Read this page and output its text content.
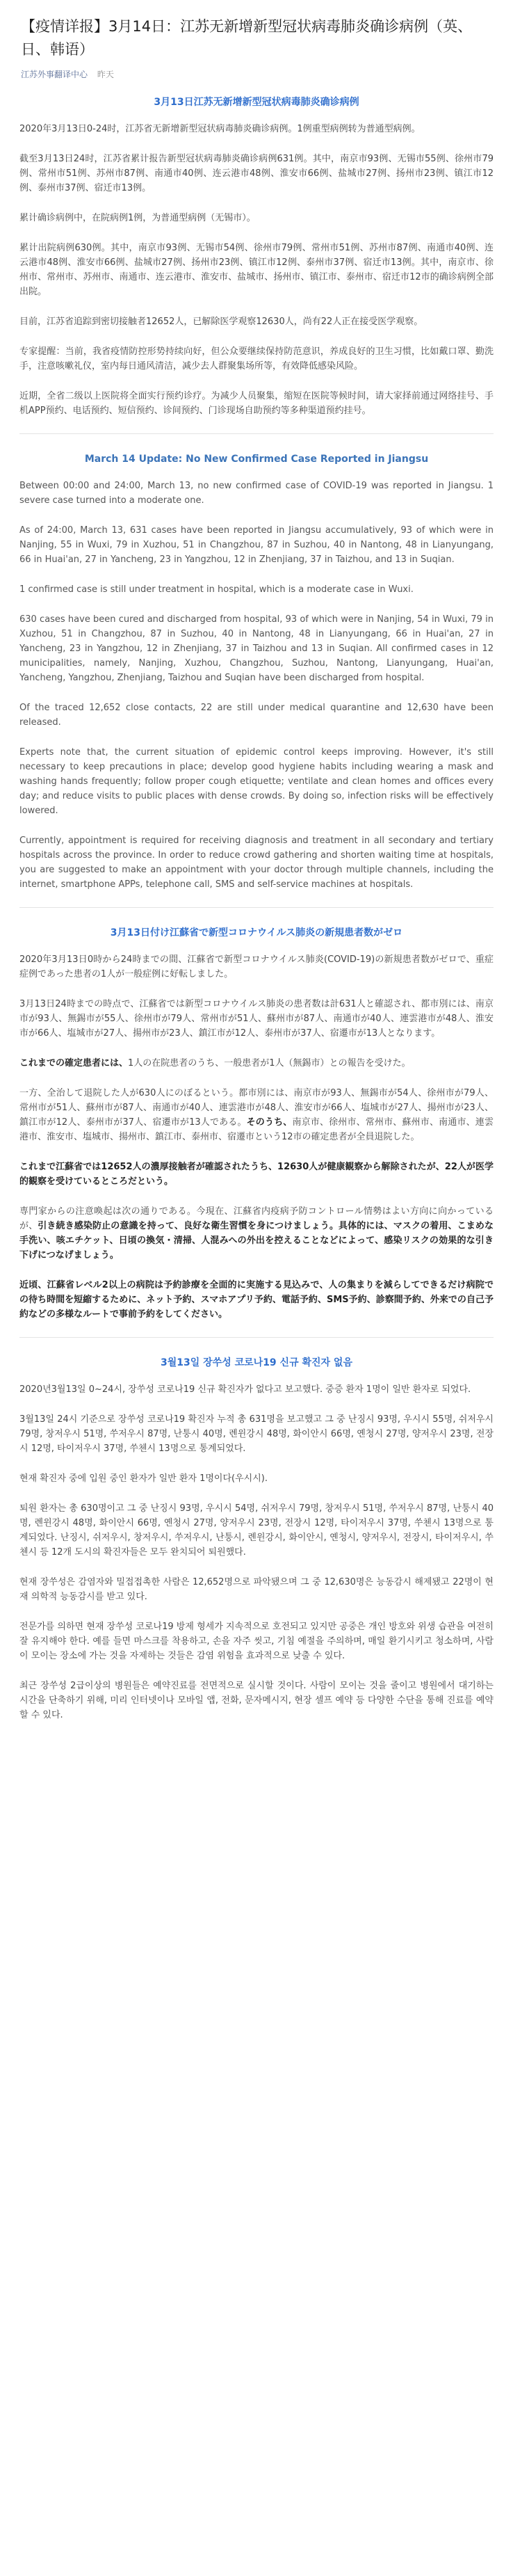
【疫情详报】3月14日：江苏无新增新型冠状病毒肺炎确诊病例（英、日、韩语）
江苏外事翻译中心 昨天
3月13日江苏无新增新型冠状病毒肺炎确诊病例

2020年3月13日0-24时，江苏省无新增新型冠状病毒肺炎确诊病例。1例重型病例转为普通型病例。

截至3月13日24时，江苏省累计报告新型冠状病毒肺炎确诊病例631例。其中，南京市93例、无锡市55例、徐州市79例、常州市51例、苏州市87例、南通市40例、连云港市48例、淮安市66例、盐城市27例、扬州市23例、镇江市12例、泰州市37例、宿迁市13例。

累计确诊病例中，在院病例1例，为普通型病例（无锡市）。

累计出院病例630例。其中，南京市93例、无锡市54例、徐州市79例、常州市51例、苏州市87例、南通市40例、连云港市48例、淮安市66例、盐城市27例、扬州市23例、镇江市12例、泰州市37例、宿迁市13例。其中，南京市、徐州市、常州市、苏州市、南通市、连云港市、淮安市、盐城市、扬州市、镇江市、泰州市、宿迁市12市的确诊病例全部出院。

目前，江苏省追踪到密切接触者12652人，已解除医学观察12630人，尚有22人正在接受医学观察。

专家提醒：当前，我省疫情防控形势持续向好，但公众要继续保持防范意识，养成良好的卫生习惯，比如戴口罩、勤洗手，注意咳嗽礼仪，室内每日通风清洁，减少去人群聚集场所等，有效降低感染风险。

近期，全省二级以上医院将全面实行预约诊疗。为减少人员聚集，缩短在医院等候时间，请大家择前通过网络挂号、手机APP预约、电话预约、短信预约、诊间预约、门诊现场自助预约等多种渠道预约挂号。

March 14 Update: No New Confirmed Case Reported in Jiangsu

Between 00:00 and 24:00, March 13, no new confirmed case of COVID-19 was reported in Jiangsu. 1 severe case turned into a moderate one.

As of 24:00, March 13, 631 cases have been reported in Jiangsu accumulatively, 93 of which were in Nanjing, 55 in Wuxi, 79 in Xuzhou, 51 in Changzhou, 87 in Suzhou, 40 in Nantong, 48 in Lianyungang, 66 in Huai'an, 27 in Yancheng, 23 in Yangzhou, 12 in Zhenjiang, 37 in Taizhou, and 13 in Suqian.

1 confirmed case is still under treatment in hospital, which is a moderate case in Wuxi.

630 cases have been cured and discharged from hospital, 93 of which were in Nanjing, 54 in Wuxi, 79 in Xuzhou, 51 in Changzhou, 87 in Suzhou, 40 in Nantong, 48 in Lianyungang, 66 in Huai'an, 27 in Yancheng, 23 in Yangzhou, 12 in Zhenjiang, 37 in Taizhou and 13 in Suqian. All confirmed cases in 12 municipalities, namely, Nanjing, Xuzhou, Changzhou, Suzhou, Nantong, Lianyungang, Huai'an, Yancheng, Yangzhou, Zhenjiang, Taizhou and Suqian have been discharged from hospital.

Of the traced 12,652 close contacts, 22 are still under medical quarantine and 12,630 have been released.

Experts note that, the current situation of epidemic control keeps improving. However, it's still necessary to keep precautions in place; develop good hygiene habits including wearing a mask and washing hands frequently; follow proper cough etiquette; ventilate and clean homes and offices every day; and reduce visits to public places with dense crowds. By doing so, infection risks will be effectively lowered.

Currently, appointment is required for receiving diagnosis and treatment in all secondary and tertiary hospitals across the province. In order to reduce crowd gathering and shorten waiting time at hospitals, you are suggested to make an appointment with your doctor through multiple channels, including the internet, smartphone APPs, telephone call, SMS and self-service machines at hospitals.

3月13日付け江蘇省で新型コロナウイルス肺炎の新規患者数がゼロ

2020年3月13日0時から24時までの間、江蘇省で新型コロナウイルス肺炎(COVID-19)の新規患者数がゼロで、重症症例であった患者の1人が一般症例に好転しました。

3月13日24時までの時点で、江蘇省では新型コロナウイルス肺炎の患者数は計631人と確認され、都市別には、南京市が93人、無錫市が55人、徐州市が79人、常州市が51人、蘇州市が87人、南通市が40人、連雲港市が48人、淮安市が66人、塩城市が27人、揚州市が23人、鎮江市が12人、泰州市が37人、宿遷市が13人となります。

これまでの確定患者には、1人の在院患者のうち、一般患者が1人（無錫市）との報告を受けた。

一方、全治して退院した人が630人にのぼるという。都市別には、南京市が93人、無錫市が54人、徐州市が79人、常州市が51人、蘇州市が87人、南通市が40人、連雲港市が48人、淮安市が66人、塩城市が27人、揚州市が23人、鎮江市が12人、泰州市が37人、宿遷市が13人である。そのうち、南京市、徐州市、常州市、蘇州市、南通市、連雲港市、淮安市、塩城市、揚州市、鎮江市、泰州市、宿遷市という12市の確定患者が全員退院した。

これまで江蘇省では12652人の濃厚接触者が確認されたうち、12630人が健康観察から解除されたが、22人が医学的観察を受けているところだという。

専門家からの注意喚起は次の通りである。今現在、江蘇省内疫病予防コントロール情勢はよい方向に向かっているが、引き続き感染防止の意識を持って、良好な衛生習慣を身につけましょう。具体的には、マスクの着用、こまめな手洗い、咳エチケット、日頃の換気・清掃、人混みへの外出を控えることなどによって、感染リスクの効果的な引き下げにつなげましょう。

近頃、江蘇省レベル2以上の病院は予約診療を全面的に実施する見込みで、人の集まりを減らしてできるだけ病院での待ち時間を短縮するために、ネット予約、スマホアプリ予約、電話予約、SMS予約、診察間予約、外来での自己予約などの多様なルートで事前予約をしてください。

3월13일 장쑤성 코로나19 신규 확진자 없음

2020년3월13일 0~24시, 장쑤성 코로나19 신규 확진자가 없다고 보고했다. 중증 환자 1명이 일반 환자로 되었다.

3월13일 24시 기준으로 장쑤성 코로나19 확진자 누적 총 631명을 보고했고 그 중 난징시 93명, 우시시 55명, 쉬저우시 79명, 창저우시 51명, 쑤저우시 87명, 난퉁시 40명, 롄윈강시 48명, 화이안시 66명, 옌청시 27명, 양저우시 23명, 전장시 12명, 타이저우시 37명, 쑤첸시 13명으로 통계되었다.

현재 확진자 중에 입원 중인 환자가 일반 환자 1명이다(우시시).

퇴원 환자는 총 630명이고 그 중 난징시 93명, 우시시 54명, 쉬저우시 79명, 창저우시 51명, 쑤저우시 87명, 난퉁시 40명, 롄윈강시 48명, 화이안시 66명, 옌청시 27명, 양저우시 23명, 전장시 12명, 타이저우시 37명, 쑤첸시 13명으로 통계되었다. 난징시, 쉬저우시, 창저우시, 쑤저우시, 난퉁시, 롄윈강시, 화이안시, 옌청시, 양저우시, 전장시, 타이저우시, 쑤첸시 등 12개 도시의 확진자들은 모두 완치되어 퇴원했다.

현재 장쑤성은 감염자와 밀접접촉한 사람은 12,652명으로 파악됐으며 그 중 12,630명은 능동감시 해제됐고 22명이 현재 의학적 능동감시를 받고 있다.

전문가를 의하면 현재 장쑤성 코로나19 방제 형세가 지속적으로 호전되고 있지만 공중은 개인 방호와 위생 습관을 여전히 잘 유지해야 한다. 예를 들면 마스크를 착용하고, 손을 자주 씻고, 기침 예절을 주의하며, 매일 환기시키고 청소하며, 사람이 모이는 장소에 가는 것을 자제하는 것들은 감염 위험을 효과적으로 낮출 수 있다.

최근 장쑤성 2급이상의 병원들은 예약진료를 전면적으로 실시할 것이다. 사람이 모이는 것을 줄이고 병원에서 대기하는 시간을 단축하기 위해, 미리 인터넷이나 모바일 앱, 전화, 문자메시지, 현장 셀프 예약 등 다양한 수단을 통해 진료를 예약할 수 있다.
